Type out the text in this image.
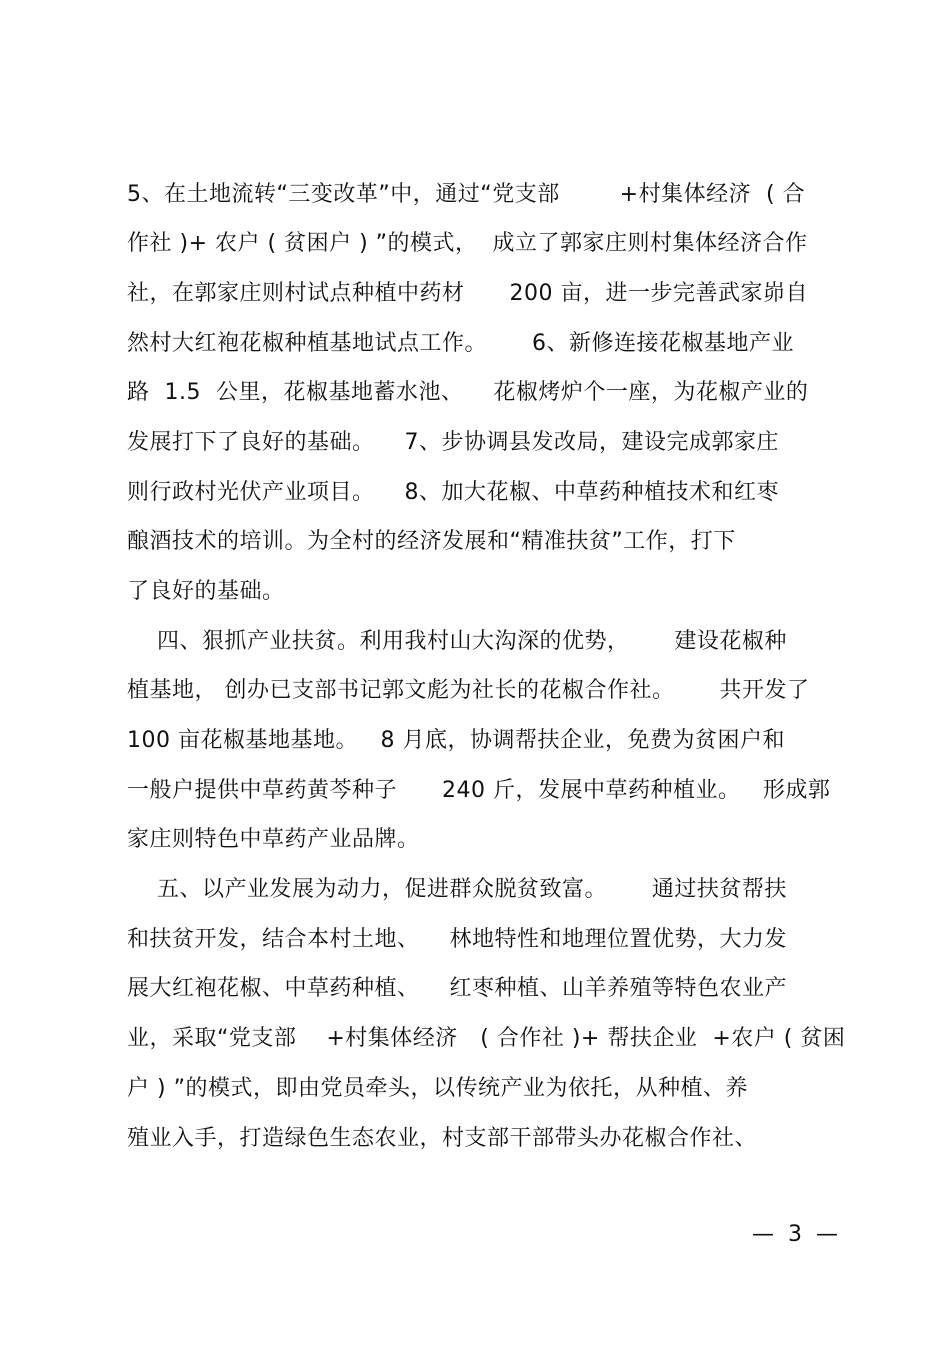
5、在土地流转“三变改革”中，通过“党支部        +村集体经济  ( 合
作社 )+ 农户 ( 贫困户 ) ”的模式，  成立了郭家庄则村集体经济合作
社，在郭家庄则村试点种植中药材      200 亩，进一步完善武家峁自
然村大红袍花椒种植基地试点工作。      6、新修连接花椒基地产业
路  1.5  公里，花椒基地蓄水池、    花椒烤炉个一座，为花椒产业的
发展打下了良好的基础。    7、步协调县发改局，建设完成郭家庄
则行政村光伏产业项目。    8、加大花椒、中草药种植技术和红枣
酿酒技术的培训。为全村的经济发展和“精准扶贫”工作，打下
了良好的基础。
四、狠抓产业扶贫。利用我村山大沟深的优势，      建设花椒种
植基地， 创办已支部书记郭文彪为社长的花椒合作社。      共开发了
100 亩花椒基地基地。   8 月底，协调帮扶企业，免费为贫困户和
一般户提供中草药黄芩种子      240 斤，发展中草药种植业。   形成郭
家庄则特色中草药产业品牌。
五、以产业发展为动力，促进群众脱贫致富。      通过扶贫帮扶
和扶贫开发，结合本村土地、    林地特性和地理位置优势，大力发
展大红袍花椒、中草药种植、    红枣种植、山羊养殖等特色农业产
业，采取“党支部    +村集体经济   ( 合作社 )+ 帮扶企业  +农户 ( 贫困
户 ) ”的模式，即由党员牵头，以传统产业为依托，从种植、养
殖业入手，打造绿色生态农业，村支部干部带头办花椒合作社、
—  3  —
